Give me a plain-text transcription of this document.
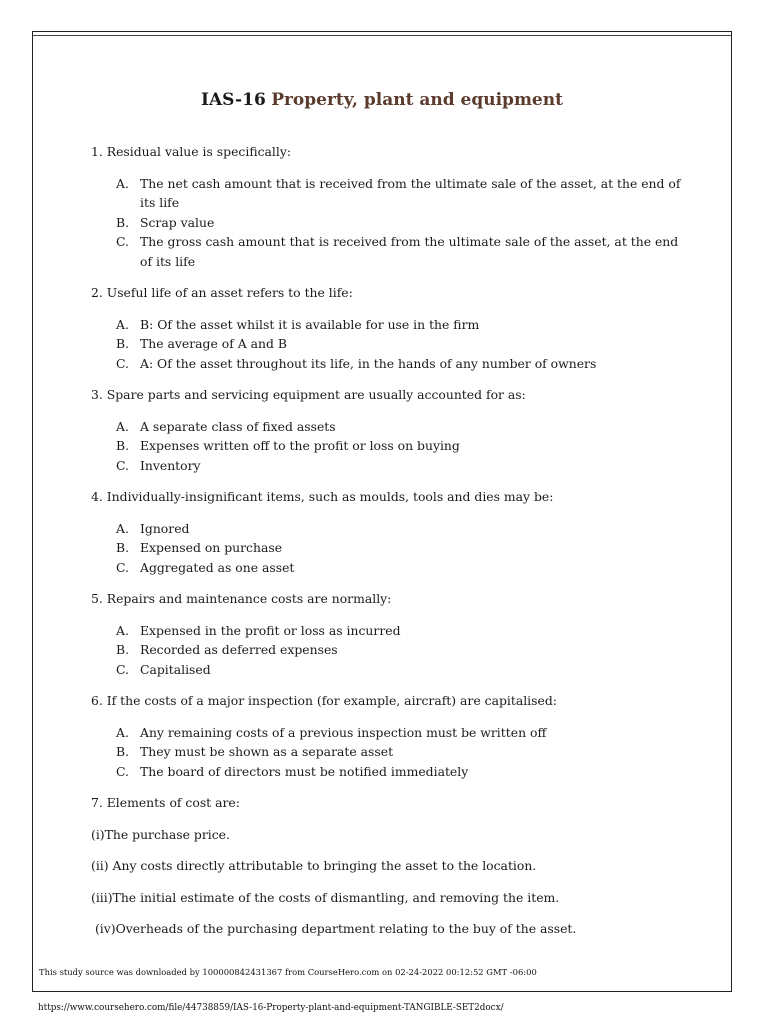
IAS-16 Property, plant and equipment

1. Residual value is specifically:

A. The net cash amount that is received from the ultimate sale of the asset, at the end of its life
B. Scrap value
C. The gross cash amount that is received from the ultimate sale of the asset, at the end of its life

2. Useful life of an asset refers to the life:

A. B: Of the asset whilst it is available for use in the firm
B. The average of A and B
C. A: Of the asset throughout its life, in the hands of any number of owners

3. Spare parts and servicing equipment are usually accounted for as:

A. A separate class of fixed assets
B. Expenses written off to the profit or loss on buying
C. Inventory

4. Individually-insignificant items, such as moulds, tools and dies may be:

A. Ignored
B. Expensed on purchase
C. Aggregated as one asset

5. Repairs and maintenance costs are normally:

A. Expensed in the profit or loss as incurred
B. Recorded as deferred expenses
C. Capitalised

6. If the costs of a major inspection (for example, aircraft) are capitalised:

A. Any remaining costs of a previous inspection must be written off
B. They must be shown as a separate asset
C. The board of directors must be notified immediately

7. Elements of cost are:

(i)The purchase price.

(ii) Any costs directly attributable to bringing the asset to the location.

(iii)The initial estimate of the costs of dismantling, and removing the item.

(iv)Overheads of the purchasing department relating to the buy of the asset.

This study source was downloaded by 100000842431367 from CourseHero.com on 02-24-2022 00:12:52 GMT -06:00
https://www.coursehero.com/file/44738859/IAS-16-Property-plant-and-equipment-TANGIBLE-SET2docx/
